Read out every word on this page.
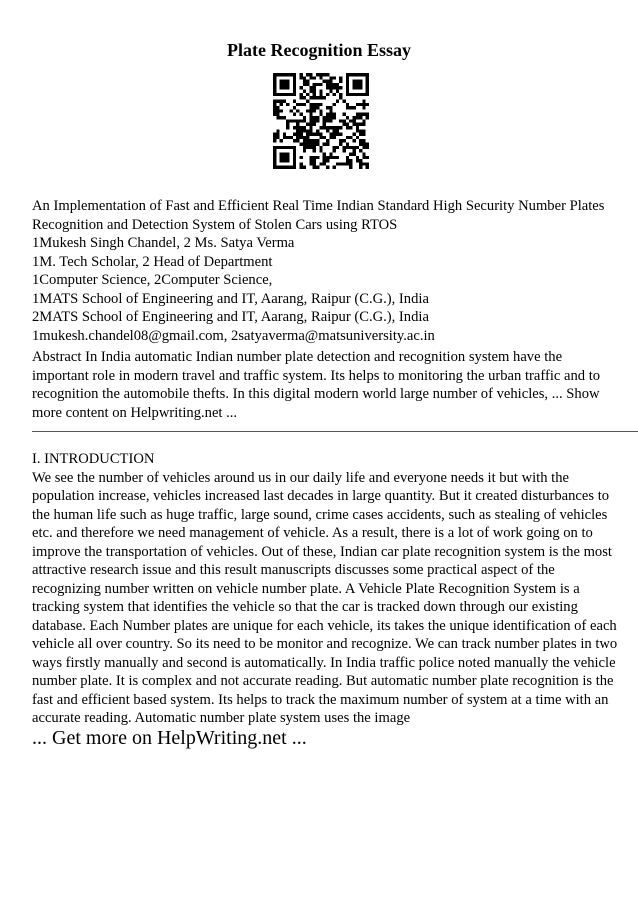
Plate Recognition Essay
An Implementation of Fast and Efficient Real Time Indian Standard High Security Number Plates
Recognition and Detection System of Stolen Cars using RTOS
1Mukesh Singh Chandel, 2 Ms. Satya Verma
1M. Tech Scholar, 2 Head of Department
1Computer Science, 2Computer Science,
1MATS School of Engineering and IT, Aarang, Raipur (C.G.), India
2MATS School of Engineering and IT, Aarang, Raipur (C.G.), India
1mukesh.chandel08@gmail.com, 2satyaverma@matsuniversity.ac.in
Abstract In India automatic Indian number plate detection and recognition system have the
important role in modern travel and traffic system. Its helps to monitoring the urban traffic and to
recognition the automobile thefts. In this digital modern world large number of vehicles, ... Show
more content on Helpwriting.net ...
I. INTRODUCTION
We see the number of vehicles around us in our daily life and everyone needs it but with the
population increase, vehicles increased last decades in large quantity. But it created disturbances to
the human life such as huge traffic, large sound, crime cases accidents, such as stealing of vehicles
etc. and therefore we need management of vehicle. As a result, there is a lot of work going on to
improve the transportation of vehicles. Out of these, Indian car plate recognition system is the most
attractive research issue and this result manuscripts discusses some practical aspect of the
recognizing number written on vehicle number plate. A Vehicle Plate Recognition System is a
tracking system that identifies the vehicle so that the car is tracked down through our existing
database. Each Number plates are unique for each vehicle, its takes the unique identification of each
vehicle all over country. So its need to be monitor and recognize. We can track number plates in two
ways firstly manually and second is automatically. In India traffic police noted manually the vehicle
number plate. It is complex and not accurate reading. But automatic number plate recognition is the
fast and efficient based system. Its helps to track the maximum number of system at a time with an
accurate reading. Automatic number plate system uses the image
... Get more on HelpWriting.net ...
